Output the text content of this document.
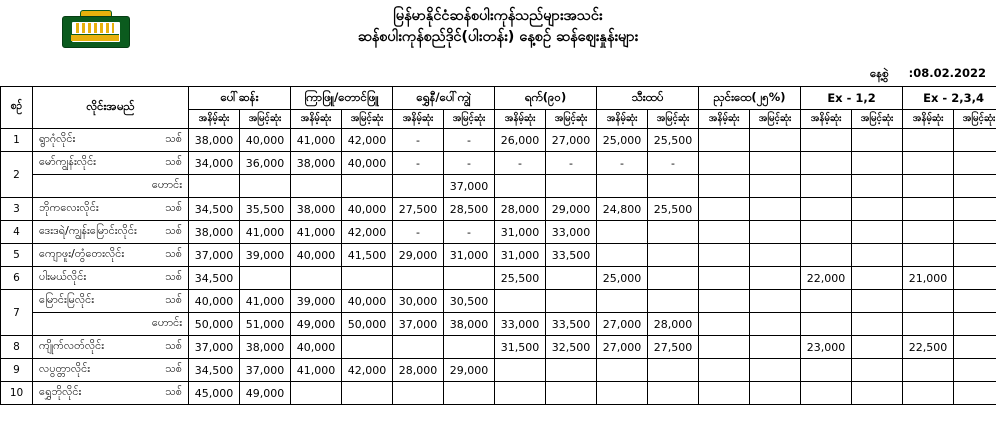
မြန်မာနိုင်ငံဆန်စပါးကုန်သည်များအသင်း
ဆန်စပါးကုန်စည်ဒိုင်(ပါးတန်း) နေ့စဉ် ဆန်ဈေးနှုန်းများ
နေ့စွဲ     :08.02.2022
စဉ်	လိုင်းအမည်	ပေါ်ဆန်း		ကြာဖြူ/တောင်ဖြူ		ရွှေနီ/ပေါ်ကျွဲ		ရက်(၉၀)		သီးထပ်		ညှင်းထေ(၂၅%)		Ex - 1,2		Ex - 2,3,4	
		အနိမ့်ဆုံး	အမြင့်ဆုံး	အနိမ့်ဆုံး	အမြင့်ဆုံး	အနိမ့်ဆုံး	အမြင့်ဆုံး	အနိမ့်ဆုံး	အမြင့်ဆုံး	အနိမ့်ဆုံး	အမြင့်ဆုံး	အနိမ့်ဆုံး	အမြင့်ဆုံး	အနိမ့်ဆုံး	အမြင့်ဆုံး	အနိမ့်ဆုံး	အမြင့်ဆုံး
1	ရွာဂုံလိုင်း သစ်	38,000	40,000	41,000	42,000	-	-	26,000	27,000	25,000	25,500						
2	မော်ကျွန်းလိုင်း သစ်	34,000	36,000	38,000	40,000	-	-	-	-	-	-						

	ဟောင်း						37,000										
3	ဘိုကလေးလိုင်း သစ်	34,500	35,500	38,000	40,000	27,500	28,500	28,000	29,000	24,800	25,500						
4	ဒေးဒရဲ/ကျွန်းမြောင်းလိုင်း သစ်	38,000	41,000	41,000	42,000	-	-	31,000	33,000								
5	ကျောဖူး/တွံတေးလိုင်း သစ်	37,000	39,000	40,000	41,500	29,000	31,000	31,000	33,500								
6	ပါးမယ်လိုင်း သစ်	34,500						25,500		25,000				22,000		21,000	
7	မြောင်းမြလိုင်း သစ်	40,000	41,000	39,000	40,000	30,000	30,500										

	ဟောင်း	50,000	51,000	49,000	50,000	37,000	38,000	33,000	33,500	27,000	28,000						
8	ကျိုက်လတ်လိုင်း သစ်	37,000	38,000	40,000				31,500	32,500	27,000	27,500			23,000		22,500	
9	လပွတ္တာလိုင်း သစ်	34,500	37,000	41,000	42,000	28,000	29,000										
10	ရွှေဘိုလိုင်း သစ်	45,000	49,000														
